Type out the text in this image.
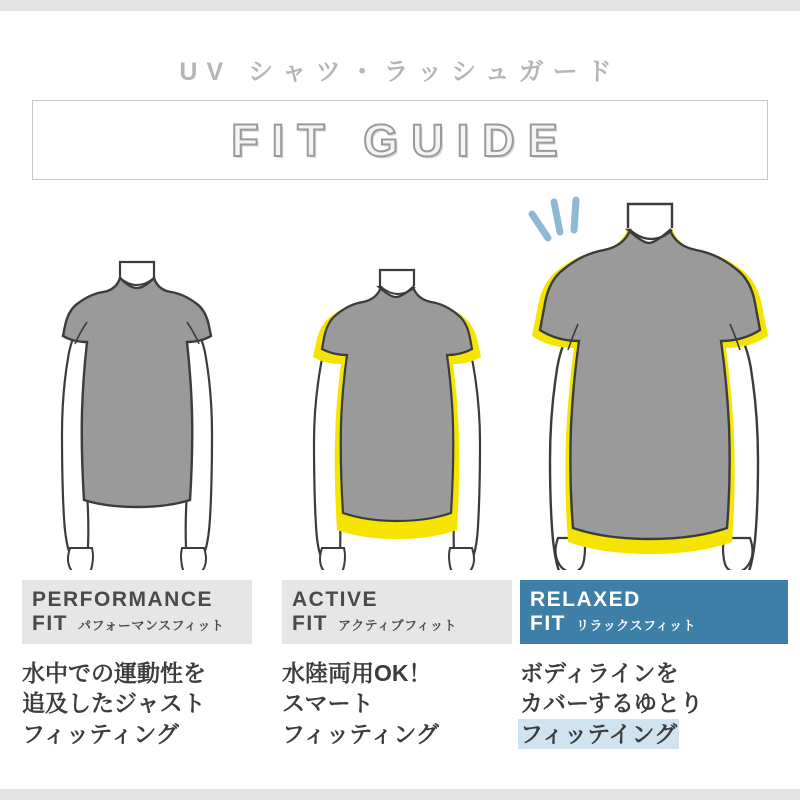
UV シャツ・ラッシュガード
FIT GUIDE
PERFORMANCE
FIT パフォーマンスフィット
水中での運動性を
追及したジャスト
フィッティング
ACTIVE
FIT アクティブフィット
水陸両用OK！
スマート
フィッティング
RELAXED
FIT リラックスフィット
ボディラインを
カバーするゆとり
フィッテイング
